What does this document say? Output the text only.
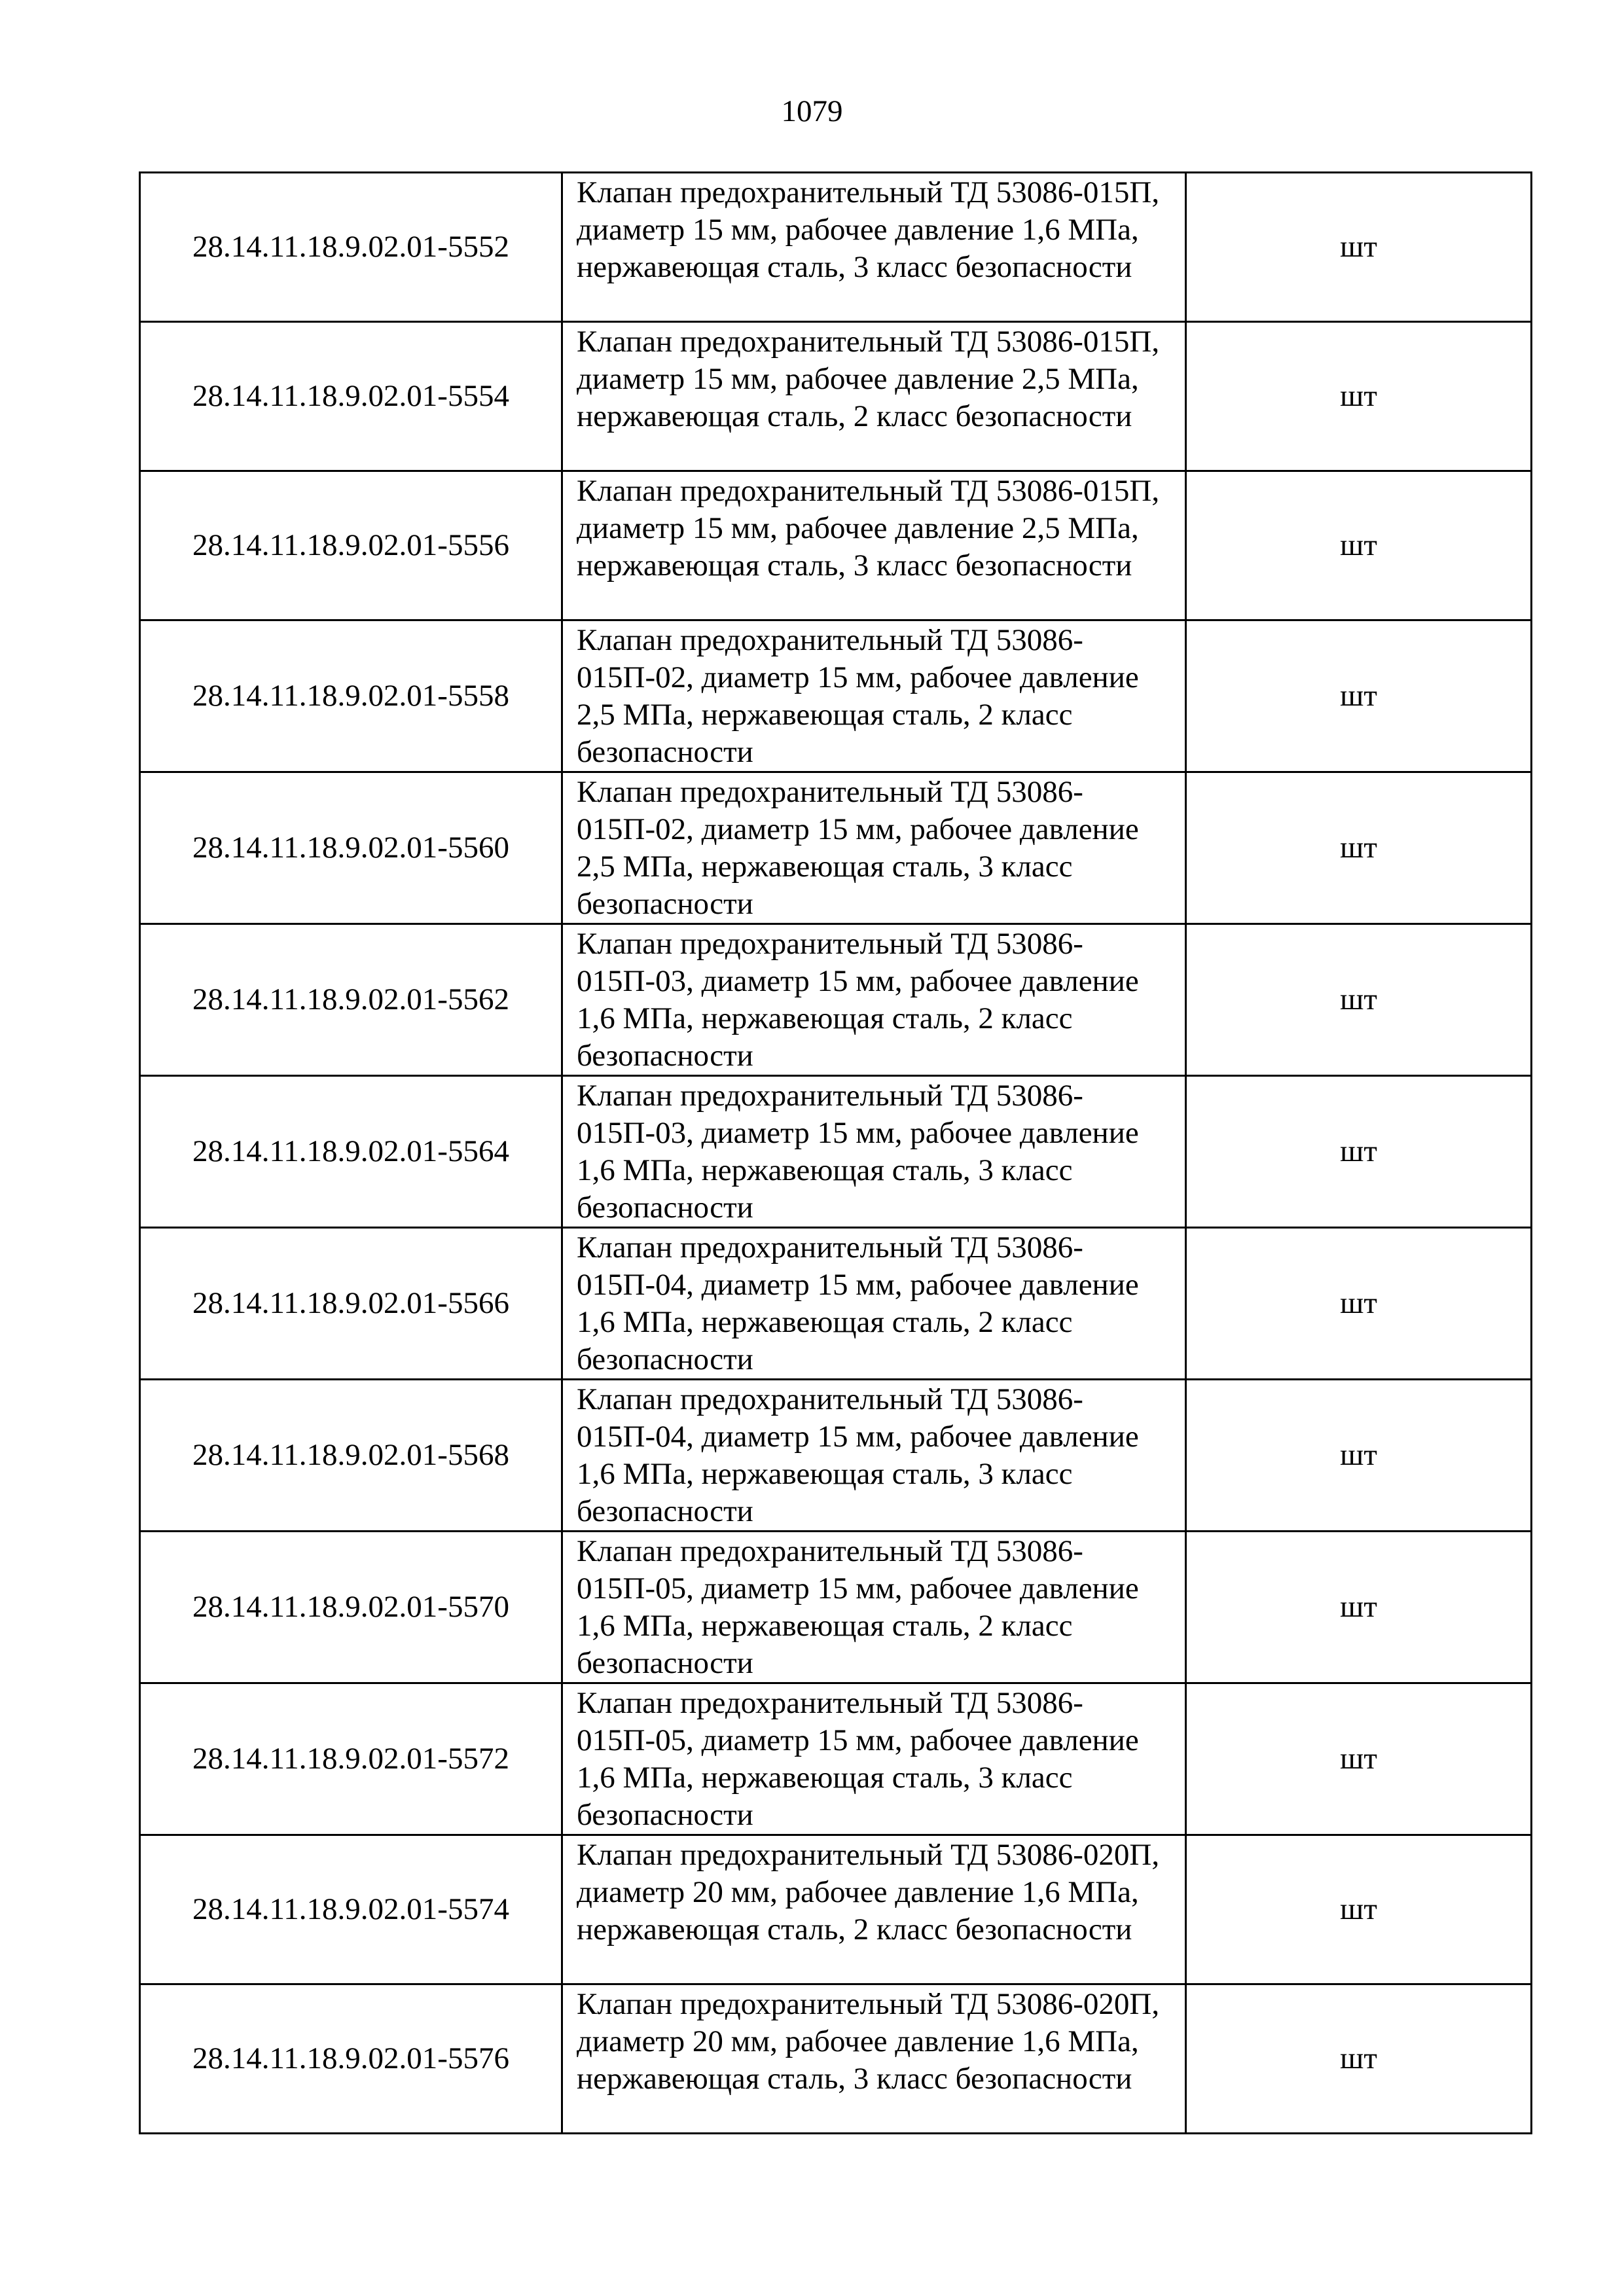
1079
28.14.11.18.9.02.01-5552	Клапан предохранительный ТД 53086-015П, диаметр 15 мм, рабочее давление 1,6 МПа, нержавеющая сталь, 3 класс безопасности	шт
28.14.11.18.9.02.01-5554	Клапан предохранительный ТД 53086-015П, диаметр 15 мм, рабочее давление 2,5 МПа, нержавеющая сталь, 2 класс безопасности	шт
28.14.11.18.9.02.01-5556	Клапан предохранительный ТД 53086-015П, диаметр 15 мм, рабочее давление 2,5 МПа, нержавеющая сталь, 3 класс безопасности	шт
28.14.11.18.9.02.01-5558	Клапан предохранительный ТД 53086-015П-02, диаметр 15 мм, рабочее давление 2,5 МПа, нержавеющая сталь, 2 класс безопасности	шт
28.14.11.18.9.02.01-5560	Клапан предохранительный ТД 53086-015П-02, диаметр 15 мм, рабочее давление 2,5 МПа, нержавеющая сталь, 3 класс безопасности	шт
28.14.11.18.9.02.01-5562	Клапан предохранительный ТД 53086-015П-03, диаметр 15 мм, рабочее давление 1,6 МПа, нержавеющая сталь, 2 класс безопасности	шт
28.14.11.18.9.02.01-5564	Клапан предохранительный ТД 53086-015П-03, диаметр 15 мм, рабочее давление 1,6 МПа, нержавеющая сталь, 3 класс безопасности	шт
28.14.11.18.9.02.01-5566	Клапан предохранительный ТД 53086-015П-04, диаметр 15 мм, рабочее давление 1,6 МПа, нержавеющая сталь, 2 класс безопасности	шт
28.14.11.18.9.02.01-5568	Клапан предохранительный ТД 53086-015П-04, диаметр 15 мм, рабочее давление 1,6 МПа, нержавеющая сталь, 3 класс безопасности	шт
28.14.11.18.9.02.01-5570	Клапан предохранительный ТД 53086-015П-05, диаметр 15 мм, рабочее давление 1,6 МПа, нержавеющая сталь, 2 класс безопасности	шт
28.14.11.18.9.02.01-5572	Клапан предохранительный ТД 53086-015П-05, диаметр 15 мм, рабочее давление 1,6 МПа, нержавеющая сталь, 3 класс безопасности	шт
28.14.11.18.9.02.01-5574	Клапан предохранительный ТД 53086-020П, диаметр 20 мм, рабочее давление 1,6 МПа, нержавеющая сталь, 2 класс безопасности	шт
28.14.11.18.9.02.01-5576	Клапан предохранительный ТД 53086-020П, диаметр 20 мм, рабочее давление 1,6 МПа, нержавеющая сталь, 3 класс безопасности	шт
